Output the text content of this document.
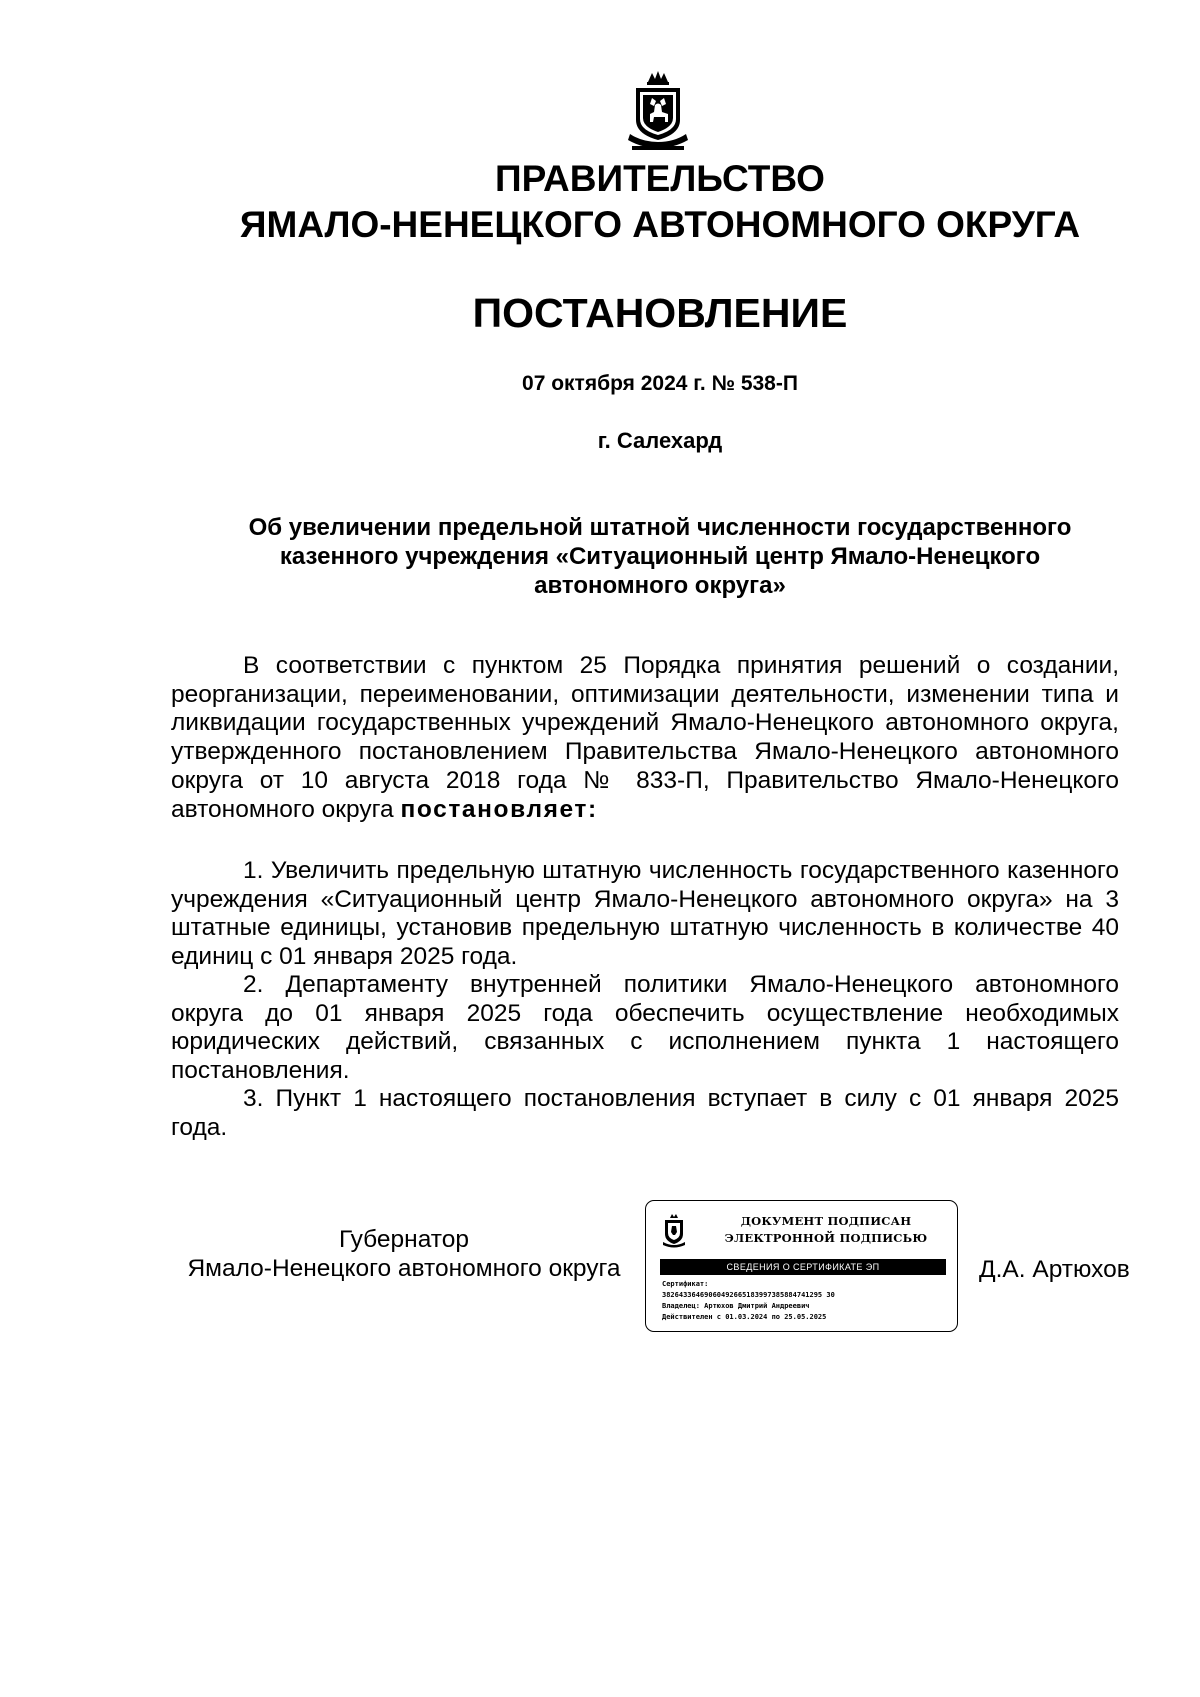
ПРАВИТЕЛЬСТВО
ЯМАЛО-НЕНЕЦКОГО АВТОНОМНОГО ОКРУГА
ПОСТАНОВЛЕНИЕ
07 октября 2024 г. № 538-П
г. Салехард
Об увеличении предельной штатной численности государственного казенного учреждения «Ситуационный центр Ямало-Ненецкого автономного округа»

В соответствии с пунктом 25 Порядка принятия решений о создании, реорганизации, переименовании, оптимизации деятельности, изменении типа и ликвидации государственных учреждений Ямало-Ненецкого автономного округа, утвержденного постановлением Правительства Ямало-Ненецкого автономного округа от 10 августа 2018 года № 833-П, Правительство Ямало-Ненецкого автономного округа постановляет:

1. Увеличить предельную штатную численность государственного казенного учреждения «Ситуационный центр Ямало-Ненецкого автономного округа» на 3 штатные единицы, установив предельную штатную численность в количестве 40 единиц с 01 января 2025 года.

2. Департаменту внутренней политики Ямало-Ненецкого автономного округа до 01 января 2025 года обеспечить осуществление необходимых юридических действий, связанных с исполнением пункта 1 настоящего постановления.

3. Пункт 1 настоящего постановления вступает в силу с 01 января 2025 года.

Губернатор
Ямало-Ненецкого автономного округа	Д.А. Артюхов
ДОКУМЕНТ ПОДПИСАН
ЭЛЕКТРОННОЙ ПОДПИСЬЮ
СВЕДЕНИЯ О СЕРТИФИКАТЕ ЭП
Сертификат:
38264336469060492665183997385884741295 30
Владелец: Артюхов Дмитрий Андреевич
Действителен с 01.03.2024 по 25.05.2025
